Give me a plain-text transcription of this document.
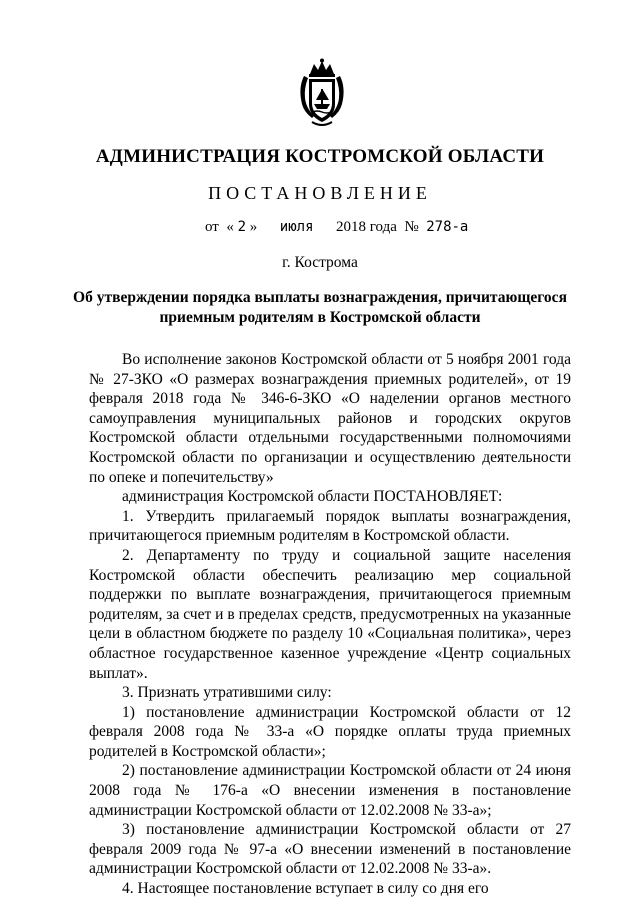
АДМИНИСТРАЦИЯ КОСТРОМСКОЙ ОБЛАСТИ
ПОСТАНОВЛЕНИЕ
от  « 2 » июля 2018 года  № 278-а
г. Кострома
Об утверждении порядка выплаты вознаграждения, причитающегося приемным родителям в Костромской области

Во исполнение законов Костромской области от 5 ноября 2001 года № 27-ЗКО «О размерах вознаграждения приемных родителей», от 19 февраля 2018 года № 346-6-ЗКО «О наделении органов местного самоуправления муниципальных районов и городских округов Костромской области отдельными государственными полномочиями Костромской области по организации и осуществлению деятельности по опеке и попечительству»

администрация Костромской области ПОСТАНОВЛЯЕТ:

1. Утвердить прилагаемый порядок выплаты вознаграждения, причитающегося приемным родителям в Костромской области.

2. Департаменту по труду и социальной защите населения Костромской области обеспечить реализацию мер социальной поддержки по выплате вознаграждения, причитающегося приемным родителям, за счет и в пределах средств, предусмотренных на указанные цели в областном бюджете по разделу 10 «Социальная политика», через областное государственное казенное учреждение «Центр социальных выплат».

3. Признать утратившими силу:

1) постановление администрации Костромской области от 12 февраля 2008 года № 33-а «О порядке оплаты труда приемных родителей в Костромской области»;

2) постановление администрации Костромской области от 24 июня 2008 года № 176-а «О внесении изменения в постановление администрации Костромской области от 12.02.2008 № 33-а»;

3) постановление администрации Костромской области от 27 февраля 2009 года № 97-а «О внесении изменений в постановление администрации Костромской области от 12.02.2008 № 33-а».

4. Настоящее постановление вступает в силу со дня его
